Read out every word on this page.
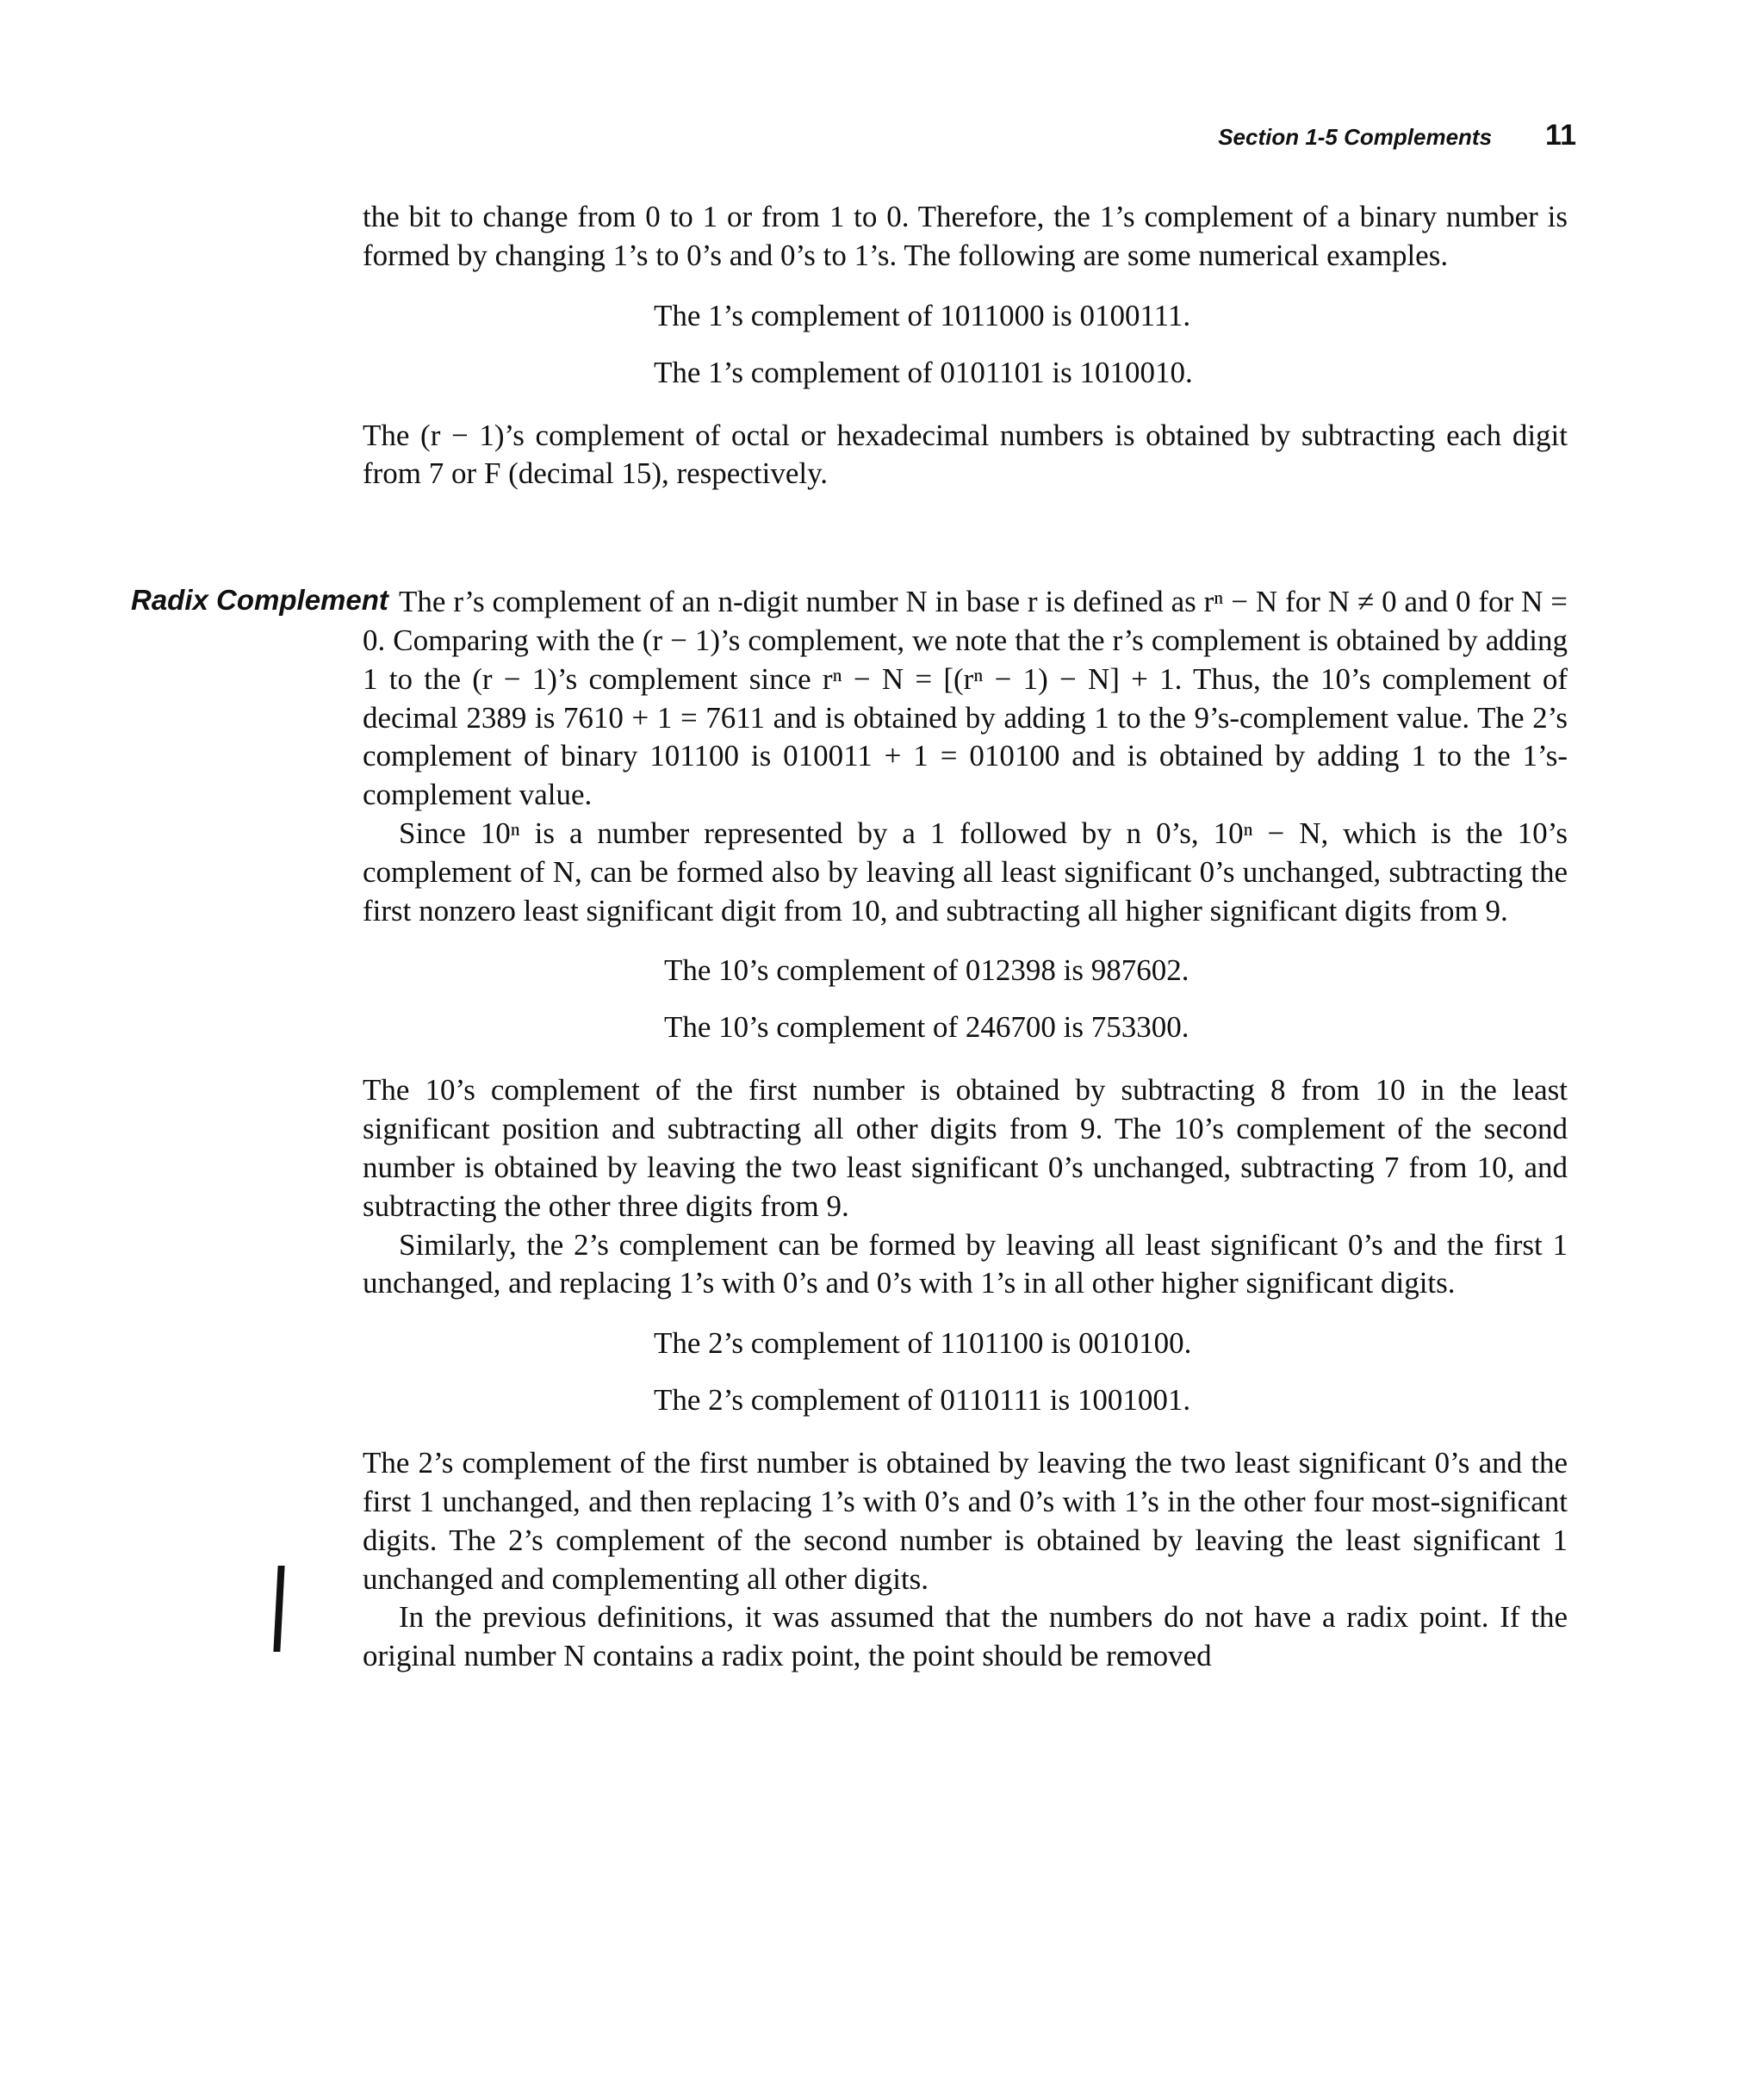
Section 1-5 Complements 11
Radix Complement

the bit to change from 0 to 1 or from 1 to 0. Therefore, the 1’s complement of a binary number is formed by changing 1’s to 0’s and 0’s to 1’s. The following are some numerical examples.

The 1’s complement of 1011000 is 0100111.

The 1’s complement of 0101101 is 1010010.

The (r − 1)’s complement of octal or hexadecimal numbers is obtained by subtracting each digit from 7 or F (decimal 15), respectively.

The r’s complement of an n-digit number N in base r is defined as rⁿ − N for N ≠ 0 and 0 for N = 0. Comparing with the (r − 1)’s complement, we note that the r’s complement is obtained by adding 1 to the (r − 1)’s complement since rⁿ − N = [(rⁿ − 1) − N] + 1. Thus, the 10’s complement of decimal 2389 is 7610 + 1 = 7611 and is obtained by adding 1 to the 9’s-complement value. The 2’s complement of binary 101100 is 010011 + 1 = 010100 and is obtained by adding 1 to the 1’s-complement value.

Since 10ⁿ is a number represented by a 1 followed by n 0’s, 10ⁿ − N, which is the 10’s complement of N, can be formed also by leaving all least significant 0’s unchanged, subtracting the first nonzero least significant digit from 10, and subtracting all higher significant digits from 9.

The 10’s complement of 012398 is 987602.

The 10’s complement of 246700 is 753300.

The 10’s complement of the first number is obtained by subtracting 8 from 10 in the least significant position and subtracting all other digits from 9. The 10’s complement of the second number is obtained by leaving the two least significant 0’s unchanged, subtracting 7 from 10, and subtracting the other three digits from 9.

Similarly, the 2’s complement can be formed by leaving all least significant 0’s and the first 1 unchanged, and replacing 1’s with 0’s and 0’s with 1’s in all other higher significant digits.

The 2’s complement of 1101100 is 0010100.

The 2’s complement of 0110111 is 1001001.

The 2’s complement of the first number is obtained by leaving the two least significant 0’s and the first 1 unchanged, and then replacing 1’s with 0’s and 0’s with 1’s in the other four most-significant digits. The 2’s complement of the second number is obtained by leaving the least significant 1 unchanged and complementing all other digits.

In the previous definitions, it was assumed that the numbers do not have a radix point. If the original number N contains a radix point, the point should be removed
